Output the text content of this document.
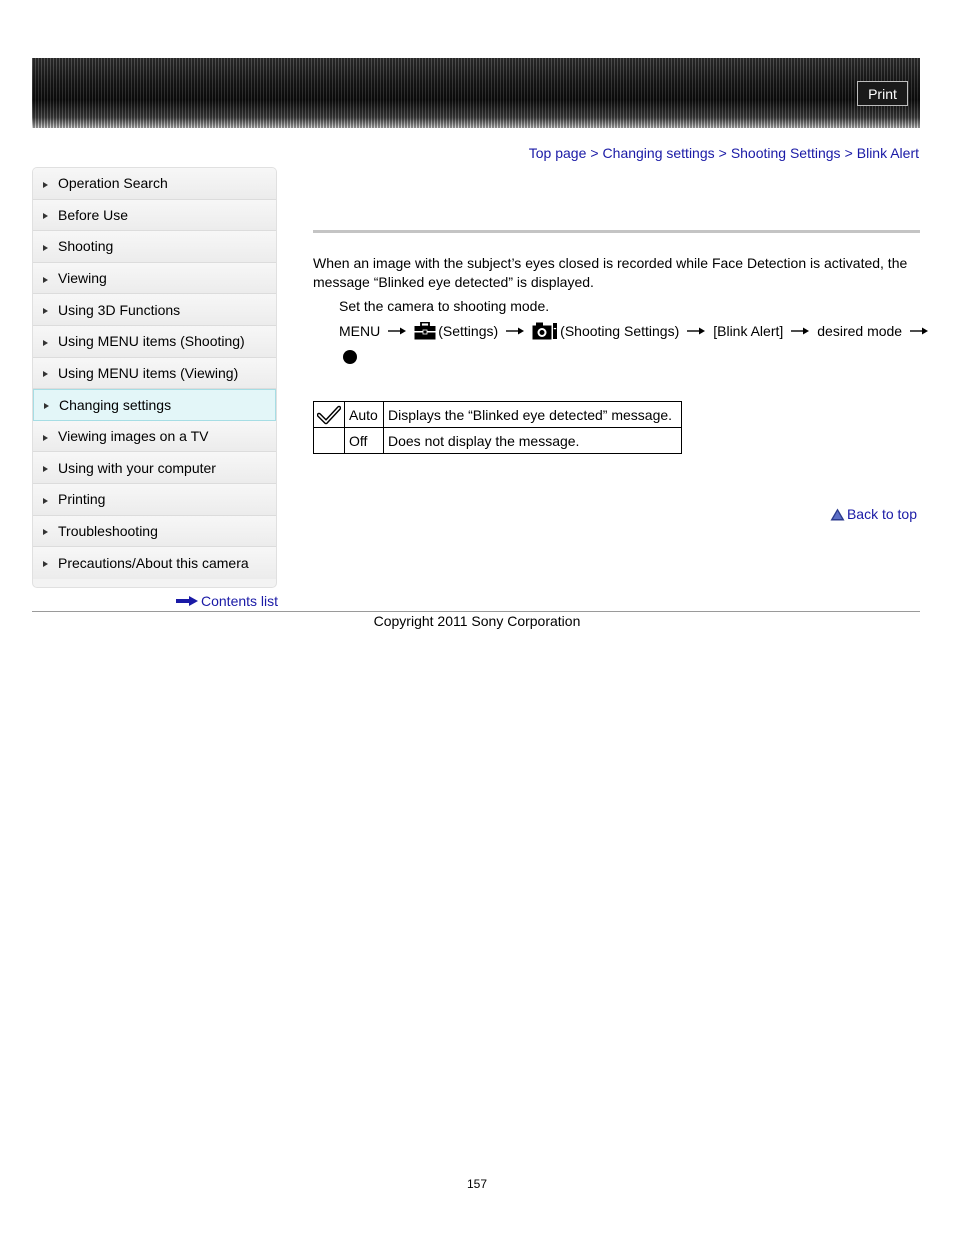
Print
Top page > Changing settings > Shooting Settings > Blink Alert
Operation Search
Before Use
Shooting
Viewing
Using 3D Functions
Using MENU items (Shooting)
Using MENU items (Viewing)
Changing settings
Viewing images on a TV
Using with your computer
Printing
Troubleshooting
Precautions/About this camera
Contents list
When an image with the subject’s eyes closed is recorded while Face Detection is activated, the message “Blinked eye detected” is displayed.
Set the camera to shooting mode.
MENU	(Settings)	(Shooting Settings) [Blink Alert] desired mode
	Auto	Displays the “Blinked eye detected” message.
	Off	Does not display the message.
Back to top
Copyright 2011 Sony Corporation
157
